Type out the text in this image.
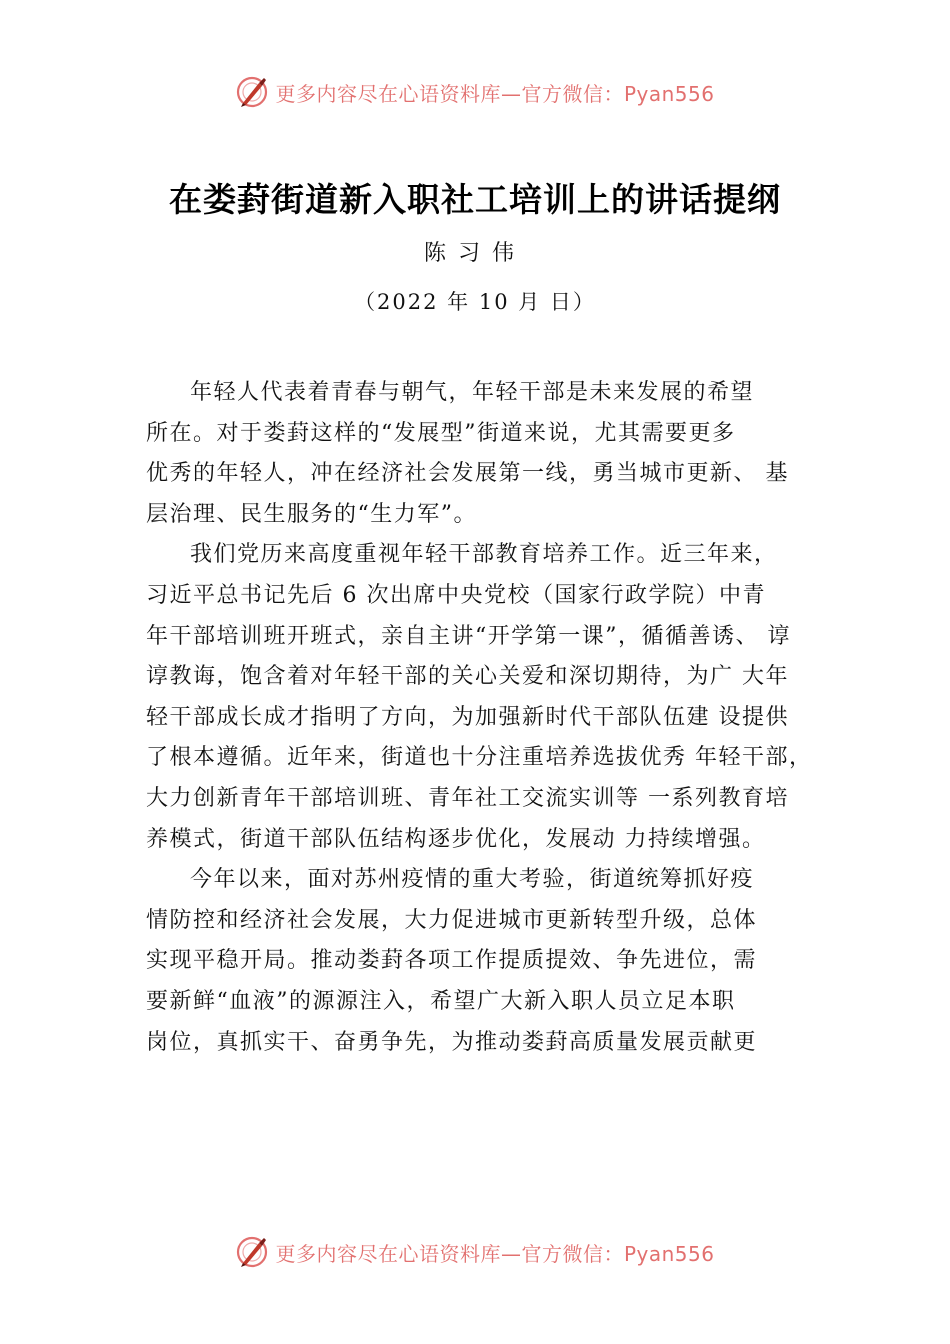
更多内容尽在心语资料库—官方微信：Pyan556
在娄葑街道新入职社工培训上的讲话提纲
陈习伟
（2022 年 10 月 日）
年轻人代表着青春与朝气，年轻干部是未来发展的希望
所在。对于娄葑这样的“发展型”街道来说，尤其需要更多
优秀的年轻人，冲在经济社会发展第一线，勇当城市更新、 基
层治理、民生服务的“生力军”。
我们党历来高度重视年轻干部教育培养工作。近三年来，
习近平总书记先后 6 次出席中央党校（国家行政学院）中青
年干部培训班开班式，亲自主讲“开学第一课”，循循善诱、 谆
谆教诲，饱含着对年轻干部的关心关爱和深切期待，为广 大年
轻干部成长成才指明了方向，为加强新时代干部队伍建 设提供
了根本遵循。近年来，街道也十分注重培养选拔优秀 年轻干部，
大力创新青年干部培训班、青年社工交流实训等 一系列教育培
养模式，街道干部队伍结构逐步优化，发展动 力持续增强。
今年以来，面对苏州疫情的重大考验，街道统筹抓好疫
情防控和经济社会发展，大力促进城市更新转型升级，总体
实现平稳开局。推动娄葑各项工作提质提效、争先进位，需
要新鲜“血液”的源源注入，希望广大新入职人员立足本职
岗位，真抓实干、奋勇争先，为推动娄葑高质量发展贡献更
更多内容尽在心语资料库—官方微信：Pyan556
